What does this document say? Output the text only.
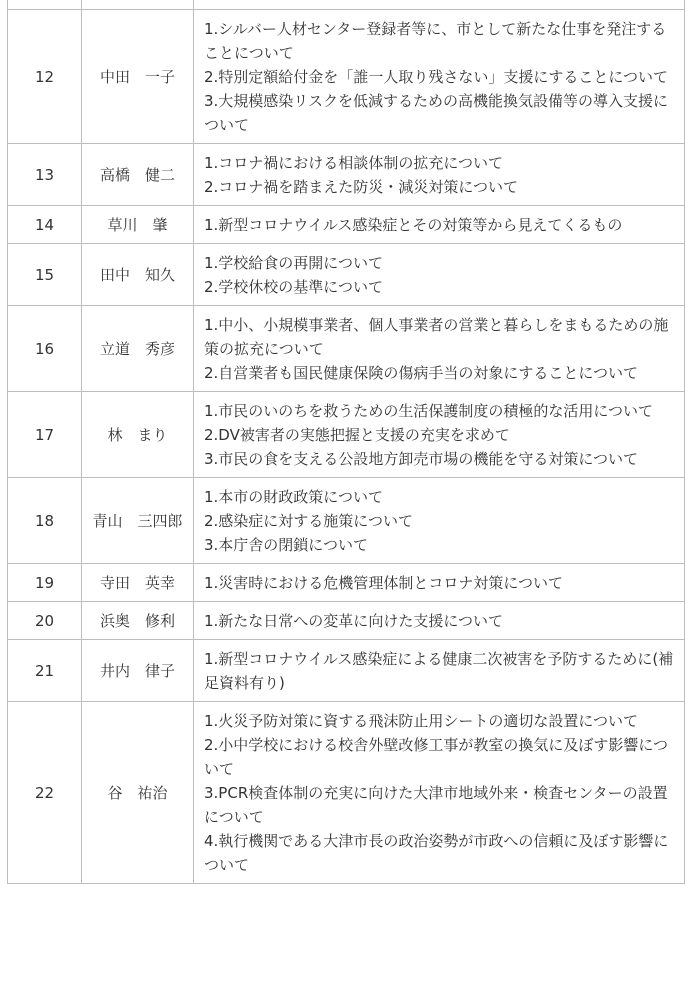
12	中田　一子	1.シルバー人材センター登録者等に、市として新たな仕事を発注することについて
2.特別定額給付金を「誰一人取り残さない」支援にすることについて
3.大規模感染リスクを低減するための高機能換気設備等の導入支援について

13	高橋　健二	1.コロナ禍における相談体制の拡充について
2.コロナ禍を踏まえた防災・減災対策について

14	草川　肇	1.新型コロナウイルス感染症とその対策等から見えてくるもの

15	田中　知久	1.学校給食の再開について
2.学校休校の基準について

16	立道　秀彦	1.中小、小規模事業者、個人事業者の営業と暮らしをまもるための施策の拡充について
2.自営業者も国民健康保険の傷病手当の対象にすることについて

17	林　まり	1.市民のいのちを救うための生活保護制度の積極的な活用について
2.DV被害者の実態把握と支援の充実を求めて
3.市民の食を支える公設地方卸売市場の機能を守る対策について

18	青山　三四郎	1.本市の財政政策について
2.感染症に対する施策について
3.本庁舎の閉鎖について

19	寺田　英幸	1.災害時における危機管理体制とコロナ対策について

20	浜奥　修利	1.新たな日常への変革に向けた支援について

21	井内　律子	1.新型コロナウイルス感染症による健康二次被害を予防するために(補足資料有り)

22	谷　祐治	1.火災予防対策に資する飛沫防止用シートの適切な設置について
2.小中学校における校舎外壁改修工事が教室の換気に及ぼす影響について
3.PCR検査体制の充実に向けた大津市地域外来・検査センターの設置について
4.執行機関である大津市長の政治姿勢が市政への信頼に及ぼす影響について
